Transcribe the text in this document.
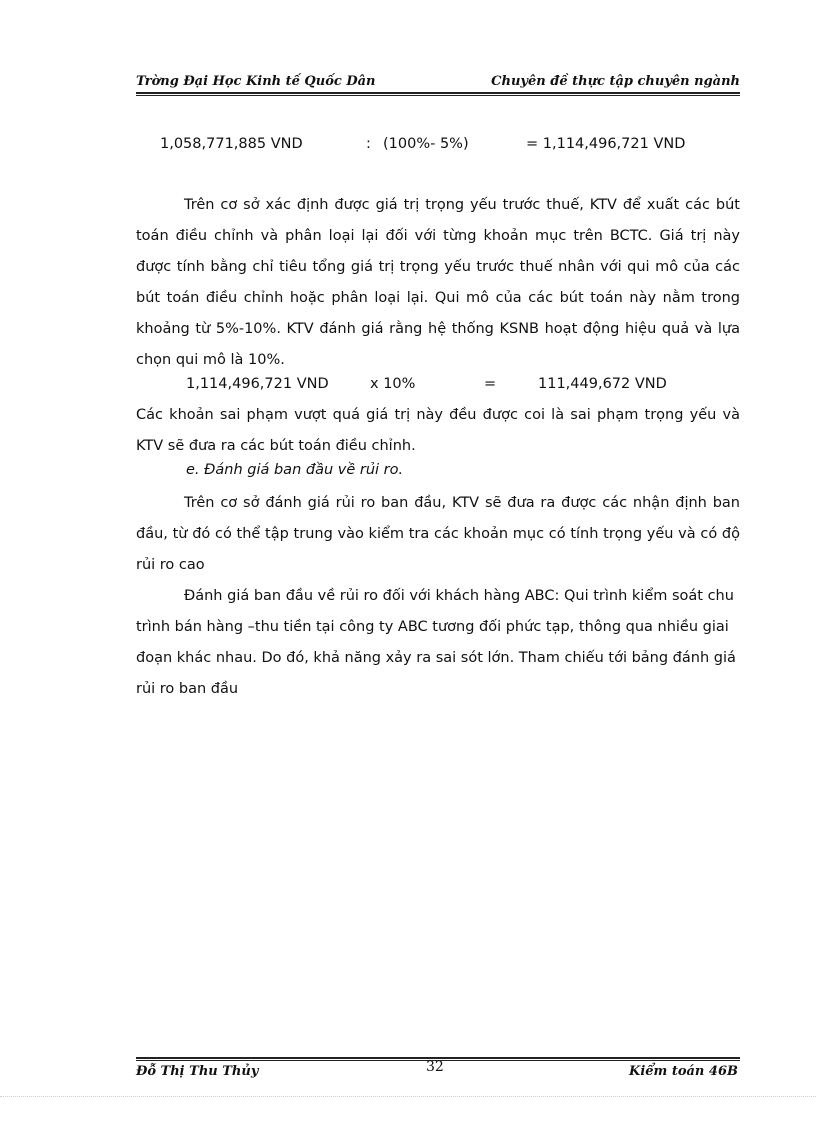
Trờng Đại Học Kinh tế Quốc Dân	Chuyên đề thực tập chuyên ngành
1,058,771,885 VND	: (100%- 5%)	= 1,114,496,721 VND
Trên cơ sở xác định được giá trị trọng yếu trước thuế, KTV để xuất các bút
toán điều chỉnh và phân loại lại đối với từng khoản mục trên BCTC. Giá trị này
được tính bằng chỉ tiêu tổng giá trị trọng yếu trước thuế nhân với qui mô của các
bút toán điều chỉnh hoặc phân loại lại. Qui mô của các bút toán này nằm trong
khoảng từ 5%-10%. KTV đánh giá rằng hệ thống KSNB hoạt động hiệu quả và lựa
chọn qui mô là 10%.
1,114,496,721 VND	x 10%	=	111,449,672 VND
Các khoản sai phạm vượt quá giá trị này đều được coi là sai phạm trọng yếu và
KTV sẽ đưa ra các bút toán điều chỉnh.
e. Đánh giá ban đầu về rủi ro.
Trên cơ sở đánh giá rủi ro ban đầu, KTV sẽ đưa ra được các nhận định ban
đầu, từ đó có thể tập trung vào kiểm tra các khoản mục có tính trọng yếu và có độ
rủi ro cao
Đánh giá ban đầu về rủi ro đối với khách hàng ABC: Qui trình kiểm soát chu
trình bán hàng –thu tiền tại công ty ABC tương đối phức tạp, thông qua nhiều giai
đoạn khác nhau. Do đó, khả năng xảy ra sai sót lớn. Tham chiếu tới bảng đánh giá
rủi ro ban đầu
Đỗ Thị Thu Thủy	32	Kiểm toán 46B
